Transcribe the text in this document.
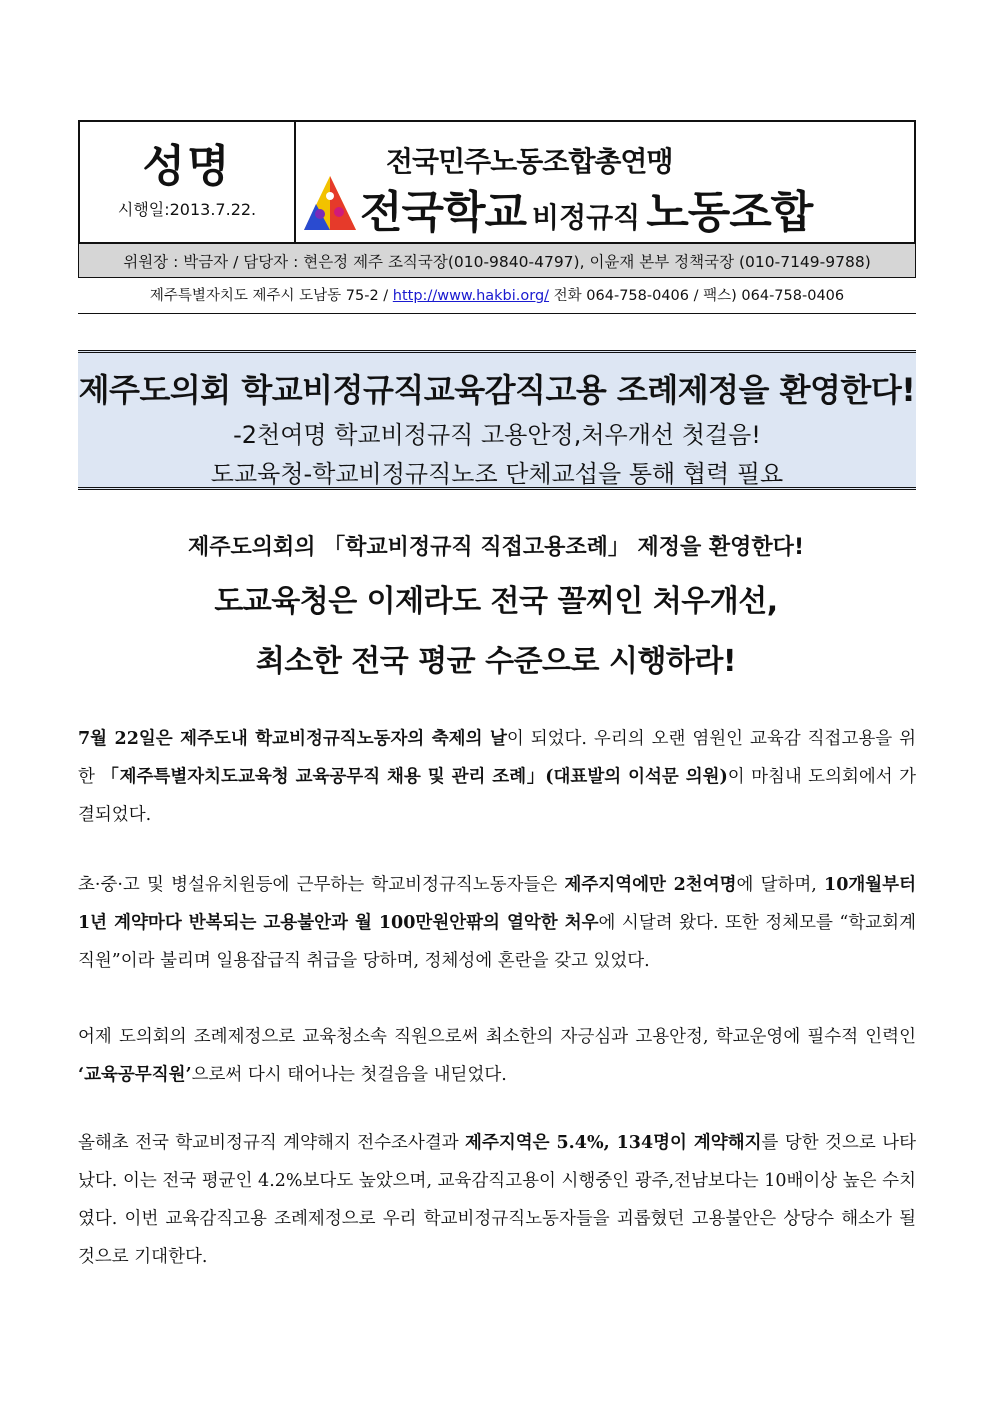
성명
시행일:2013.7.22.
전국민주노동조합총연맹
전국학교 비정규직 노동조합
위원장 : 박금자 / 담당자 : 현은정 제주 조직국장(010-9840-4797), 이윤재 본부 정책국장 (010-7149-9788)
제주특별자치도 제주시 도남동 75-2 / http://www.hakbi.org/ 전화 064-758-0406 / 팩스) 064-758-0406
제주도의회 학교비정규직교육감직고용 조례제정을 환영한다!
-2천여명 학교비정규직 고용안정,처우개선 첫걸음!
도교육청-학교비정규직노조 단체교섭을 통해 협력 필요
제주도의회의 「학교비정규직 직접고용조례」 제정을 환영한다!
도교육청은 이제라도 전국 꼴찌인 처우개선,
최소한 전국 평균 수준으로 시행하라!
7월 22일은 제주도내 학교비정규직노동자의 축제의 날이 되었다. 우리의 오랜 염원인 교육감 직접고용을 위한 「제주특별자치도교육청 교육공무직 채용 및 관리 조례」(대표발의 이석문 의원)이 마침내 도의회에서 가결되었다.
초·중·고 및 병설유치원등에 근무하는 학교비정규직노동자들은 제주지역에만 2천여명에 달하며, 10개월부터 1년 계약마다 반복되는 고용불안과 월 100만원안팎의 열악한 처우에 시달려 왔다. 또한 정체모를 “학교회계직원”이라 불리며 일용잡급직 취급을 당하며, 정체성에 혼란을 갖고 있었다.
어제 도의회의 조례제정으로 교육청소속 직원으로써 최소한의 자긍심과 고용안정, 학교운영에 필수적 인력인 ‘교육공무직원’으로써 다시 태어나는 첫걸음을 내딛었다.
올해초 전국 학교비정규직 계약해지 전수조사결과 제주지역은 5.4%, 134명이 계약해지를 당한 것으로 나타났다. 이는 전국 평균인 4.2%보다도 높았으며, 교육감직고용이 시행중인 광주,전남보다는 10배이상 높은 수치였다. 이번 교육감직고용 조례제정으로 우리 학교비정규직노동자들을 괴롭혔던 고용불안은 상당수 해소가 될 것으로 기대한다.
